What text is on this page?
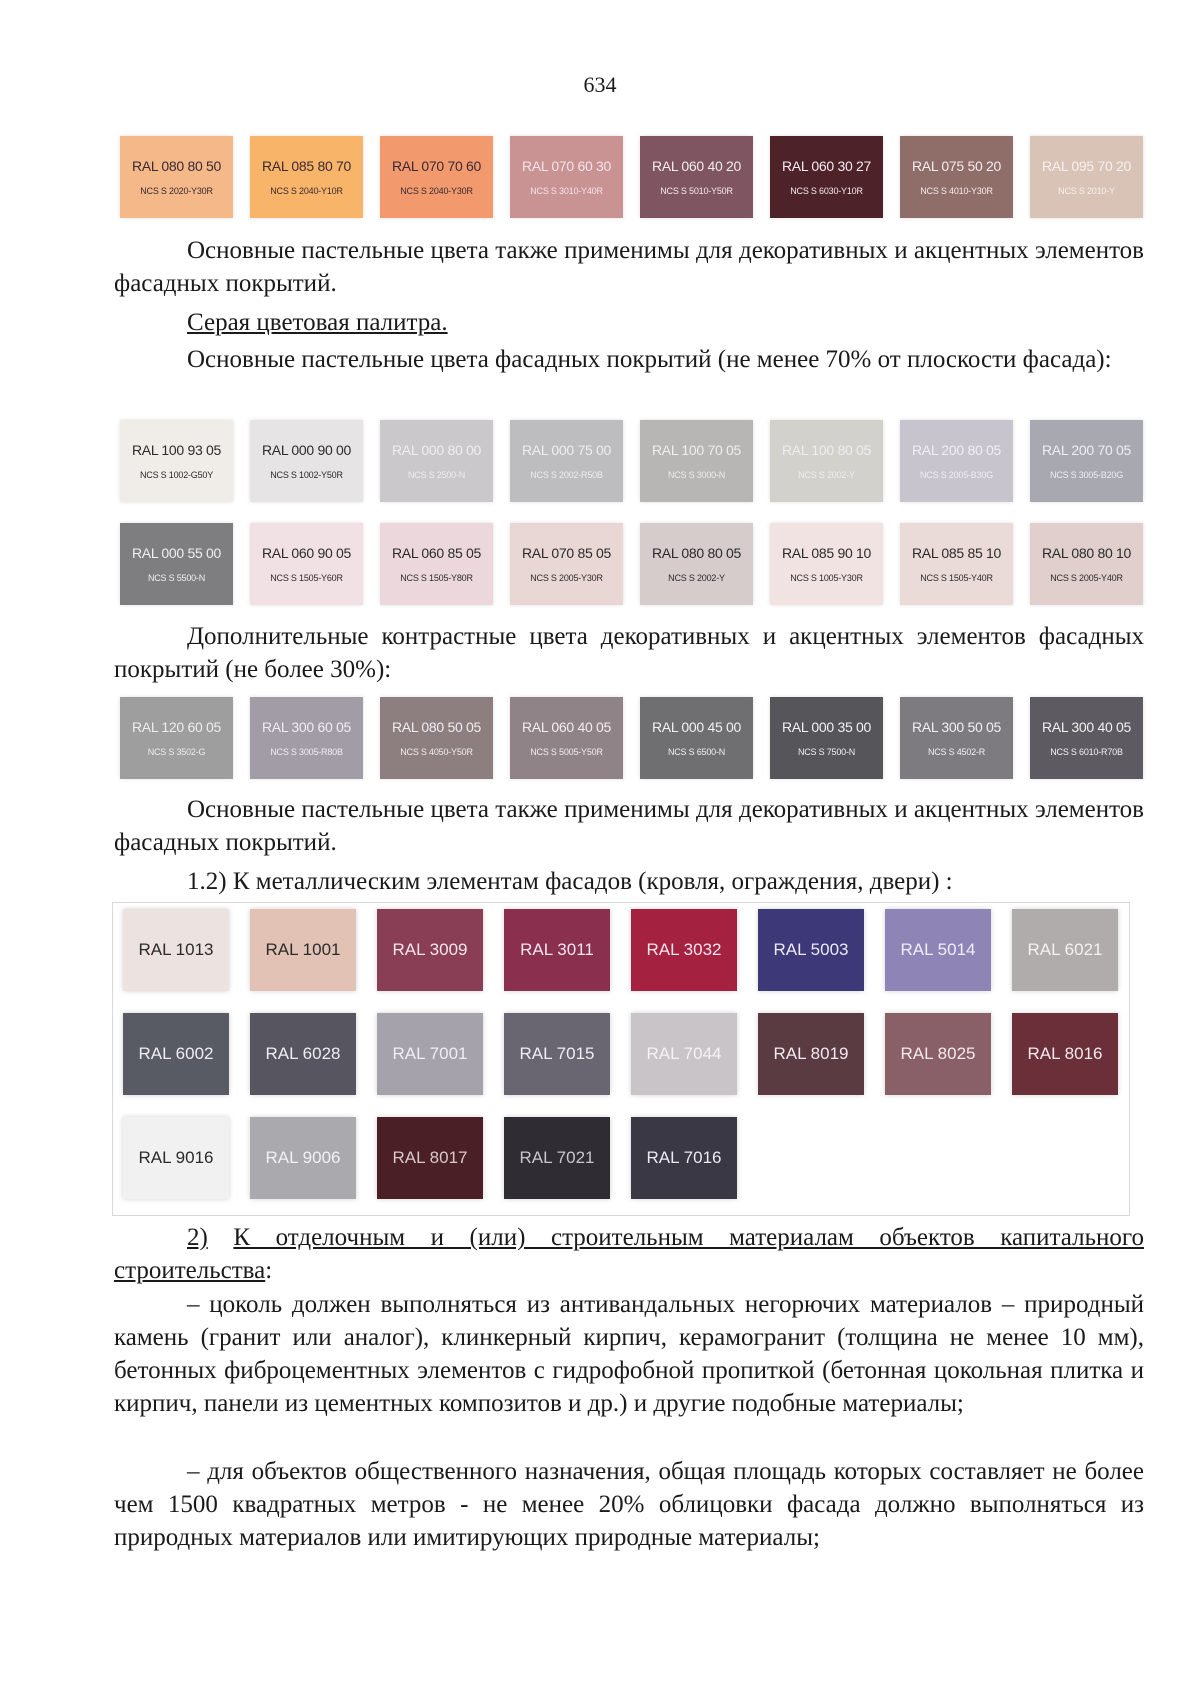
634
RAL 080 80 50
NCS S 2020-Y30R
RAL 085 80 70
NCS S 2040-Y10R
RAL 070 70 60
NCS S 2040-Y30R
RAL 070 60 30
NCS S 3010-Y40R
RAL 060 40 20
NCS S 5010-Y50R
RAL 060 30 27
NCS S 6030-Y10R
RAL 075 50 20
NCS S 4010-Y30R
RAL 095 70 20
NCS S 2010-Y
Основные пастельные цвета также применимы для декоративных и акцентных элементов фасадных покрытий.
Серая цветовая палитра.
Основные пастельные цвета фасадных покрытий (не менее 70% от плоскости фасада):
RAL 100 93 05
NCS S 1002-G50Y
RAL 000 90 00
NCS S 1002-Y50R
RAL 000 80 00
NCS S 2500-N
RAL 000 75 00
NCS S 2002-R50B
RAL 100 70 05
NCS S 3000-N
RAL 100 80 05
NCS S 2002-Y
RAL 200 80 05
NCS S 2005-B30G
RAL 200 70 05
NCS S 3005-B20G
RAL 000 55 00
NCS S 5500-N
RAL 060 90 05
NCS S 1505-Y60R
RAL 060 85 05
NCS S 1505-Y80R
RAL 070 85 05
NCS S 2005-Y30R
RAL 080 80 05
NCS S 2002-Y
RAL 085 90 10
NCS S 1005-Y30R
RAL 085 85 10
NCS S 1505-Y40R
RAL 080 80 10
NCS S 2005-Y40R
Дополнительные контрастные цвета декоративных и акцентных элементов фасадных покрытий (не более 30%):
RAL 120 60 05
NCS S 3502-G
RAL 300 60 05
NCS S 3005-R80B
RAL 080 50 05
NCS S 4050-Y50R
RAL 060 40 05
NCS S 5005-Y50R
RAL 000 45 00
NCS S 6500-N
RAL 000 35 00
NCS S 7500-N
RAL 300 50 05
NCS S 4502-R
RAL 300 40 05
NCS S 6010-R70B
Основные пастельные цвета также применимы для декоративных и акцентных элементов фасадных покрытий.
1.2) К металлическим элементам фасадов (кровля, ограждения, двери) :
RAL 1013	RAL 1001	RAL 3009	RAL 3011	RAL 3032	RAL 5003	RAL 5014	RAL 6021
RAL 6002	RAL 6028	RAL 7001	RAL 7015	RAL 7044	RAL 8019	RAL 8025	RAL 8016
RAL 9016	RAL 9006	RAL 8017	RAL 7021	RAL 7016
2) К отделочным и (или) строительным материалам объектов капитального строительства:
– цоколь должен выполняться из антивандальных негорючих материалов – природный камень (гранит или аналог), клинкерный кирпич, керамогранит (толщина не менее 10 мм), бетонных фиброцементных элементов с гидрофобной пропиткой (бетонная цокольная плитка и кирпич, панели из цементных композитов и др.) и другие подобные материалы;
– для объектов общественного назначения, общая площадь которых составляет не более чем 1500 квадратных метров - не менее 20% облицовки фасада должно выполняться из природных материалов или имитирующих природные материалы;
